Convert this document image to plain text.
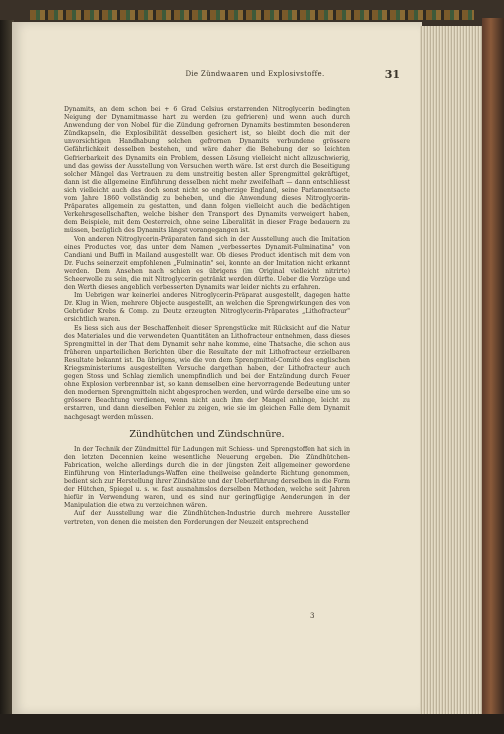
Die Zündwaaren und Explosivstoffe.	31

Dynamits, an dem schon bei + 6 Grad Celsius erstarrenden Nitroglycerin bedingten Neigung der Dynamitmasse hart zu werden (zu gefrieren) und wenn auch durch Anwendung der von Nobel für die Zündung gefrornen Dynamits bestimmten besonderen Zündkapseln, die Explosibilität desselben gesichert ist, so bleibt doch die mit der unvorsichtigen Handhabung solchen gefrornen Dynamits verbundene grössere Gefährlichkeit desselben bestehen, und wäre daher die Behebung der so leichten Gefrierbarkeit des Dynamits ein Problem, dessen Lösung vielleicht nicht allzuschwierig, und das gewiss der Ausstellung von Versuchen werth wäre. Ist erst durch die Beseitigung solcher Mängel das Vertrauen zu dem unstreitig besten aller Sprengmittel gekräftiget, dann ist die allgemeine Einführung desselben nicht mehr zweifelhaft — dann entschliesst sich vielleicht auch das doch sonst nicht so engherzige England, seine Parlamentsacte vom Jahre 1860 vollständig zu beheben, und die Anwendung dieses Nitroglycerin-Präparates allgemein zu gestatten, und dann folgen vielleicht auch die bedächtigen Verkehrsgesellschaften, welche bisher den Transport des Dynamits verweigert haben, dem Beispiele, mit dem Oesterreich, ohne seine Liberalität in dieser Frage bedauern zu müssen, bezüglich des Dynamits längst vorangegangen ist.

Von anderen Nitroglycerin-Präparaten fand sich in der Ausstellung auch die Imitation eines Productes vor, das unter dem Namen „verbessertes Dynamit-Fulminatina" von Candiani und Buffi in Mailand ausgestellt war. Ob dieses Product identisch mit dem von Dr. Fuchs seinerzeit empfohlenen „Fulminatin" sei, konnte an der Imitation nicht erkannt werden. Dem Ansehen nach schien es übrigens (im Original vielleicht nitrirte) Scheerwolle zu sein, die mit Nitroglycerin getränkt werden dürfte. Ueber die Vorzüge und den Werth dieses angeblich verbesserten Dynamits war leider nichts zu erfahren.

Im Uebrigen war keinerlei anderes Nitroglycerin-Präparat ausgestellt, dagegen hatte Dr. Klug in Wien, mehrere Objecte ausgestellt, an welchen die Sprengwirkungen des von Gebrüder Krebs & Comp. zu Deutz erzeugten Nitroglycerin-Präparates „Lithofracteur" ersichtlich waren.

Es liess sich aus der Beschaffenheit dieser Sprengstücke mit Rücksicht auf die Natur des Materiales und die verwendeten Quantitäten an Lithofracteur entnehmen, dass dieses Sprengmittel in der That dem Dynamit sehr nahe komme, eine Thatsache, die schon aus früheren unparteilichen Berichten über die Resultate der mit Lithofracteur erzielbaren Resultate bekannt ist. Da übrigens, wie die von dem Sprengmittel-Comité des englischen Kriegsministeriums ausgestellten Versuche dargethan haben, der Lithofracteur auch gegen Stoss und Schlag ziemlich unempfindlich und bei der Entzündung durch Feuer ohne Explosion verbrennbar ist, so kann demselben eine hervorragende Bedeutung unter den modernen Sprengmitteln nicht abgesprochen werden, und würde derselbe eine um so grössere Beachtung verdienen, wenn nicht auch ihm der Mangel anhinge, leicht zu erstarren, und dann dieselben Fehler zu zeigen, wie sie im gleichen Falle dem Dynamit nachgesagt werden müssen.

Zündhütchen und Zündschnüre.

In der Technik der Zündmittel für Ladungen mit Schiess- und Sprengstoffen hat sich in den letzten Decennien keine wesentliche Neuerung ergeben. Die Zündhütchen-Fabrication, welche allerdings durch die in der jüngsten Zeit allgemeiner gewordene Einführung von Hinterladungs-Waffen eine theilweise geänderte Richtung genommen, bedient sich zur Herstellung ihrer Zündsätze und der Ueberführung derselben in die Form der Hütchen, Spiegel u. s. w. fast ausnahmslos derselben Methoden, welche seit Jahren hiefür in Verwendung waren, und es sind nur geringfügige Aenderungen in der Manipulation die etwa zu verzeichnen wären.

Auf der Ausstellung war die Zündhütchen-Industrie durch mehrere Aussteller vertreten, von denen die meisten den Forderungen der Neuzeit entsprechend

3
